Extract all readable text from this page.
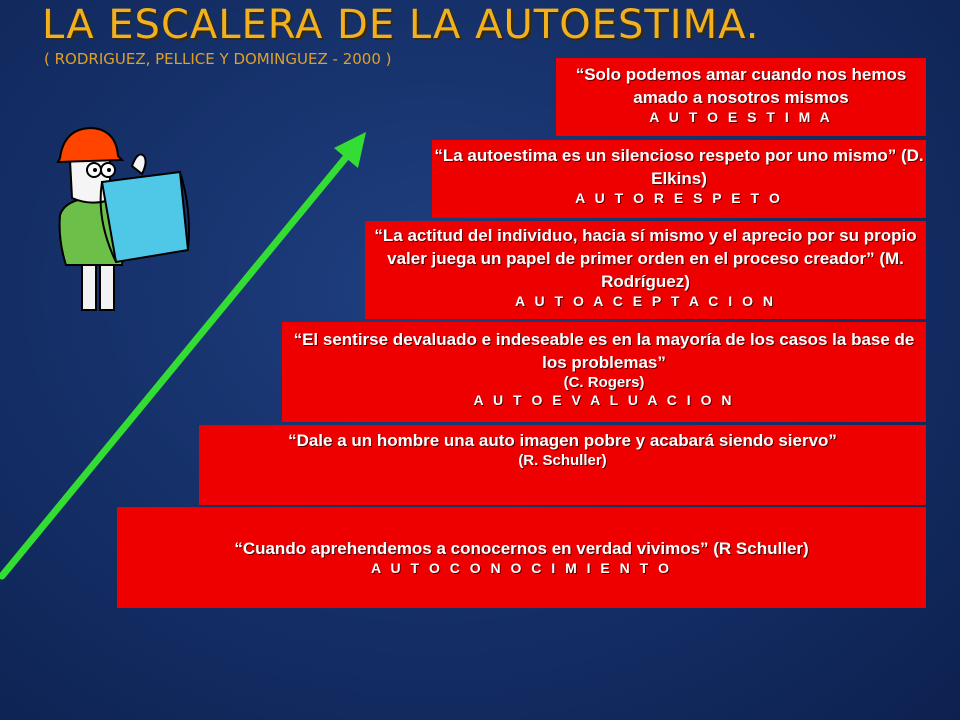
LA ESCALERA DE LA AUTOESTIMA.
( RODRIGUEZ, PELLICE Y DOMINGUEZ - 2000 )
“Solo podemos amar cuando nos hemos amado a nosotros mismos
A U T O E S T I M A
“La autoestima es un silencioso respeto por uno mismo” (D. Elkins)
A U T O R E S P E T O
“La actitud del individuo, hacia sí mismo y el aprecio por su propio valer juega un papel de primer orden en el proceso creador” (M. Rodríguez)
A U T O A C E P T A C I O N
“El sentirse devaluado e indeseable es en la mayoría de los casos la base de los problemas”
(C. Rogers)
A U T O E V A L U A C I O N
“Dale a un hombre una auto imagen pobre y acabará siendo siervo”
(R. Schuller)
“Cuando aprehendemos a conocernos en verdad vivimos” (R Schuller)
A U T O C O N O C I M I E N T O
